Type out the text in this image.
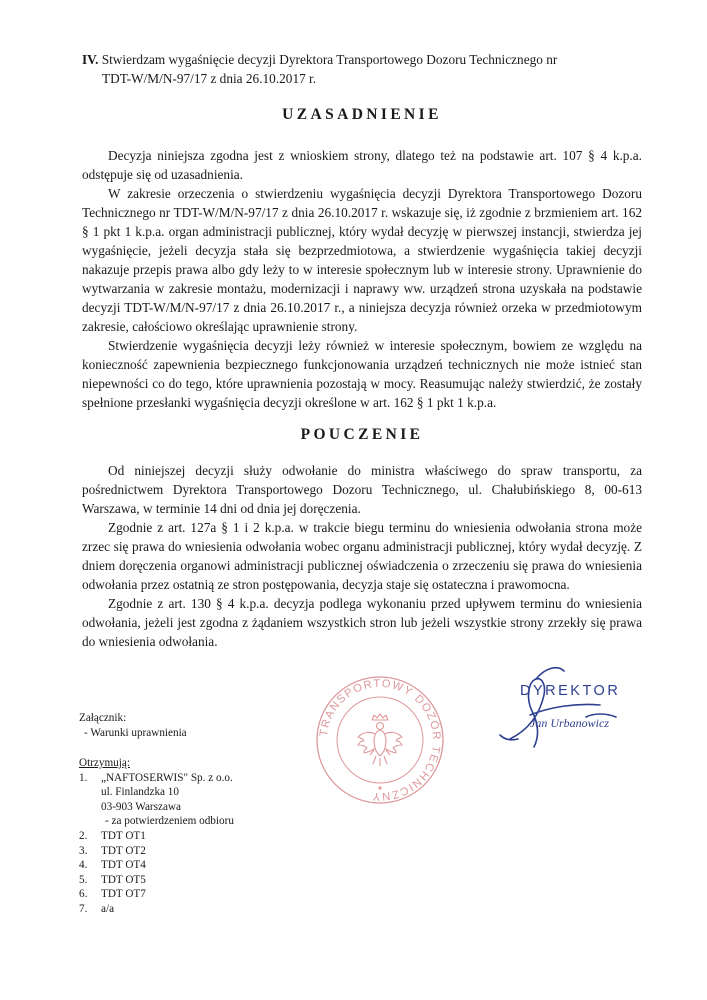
IV. Stwierdzam wygaśnięcie decyzji Dyrektora Transportowego Dozoru Technicznego nr
TDT-W/M/N-97/17 z dnia 26.10.2017 r.

UZASADNIENIE

Decyzja niniejsza zgodna jest z wnioskiem strony, dlatego też na podstawie art. 107 § 4 k.p.a. odstępuje się od uzasadnienia.

W zakresie orzeczenia o stwierdzeniu wygaśnięcia decyzji Dyrektora Transportowego Dozoru Technicznego nr TDT-W/M/N-97/17 z dnia 26.10.2017 r. wskazuje się, iż zgodnie z brzmieniem art. 162 § 1 pkt 1 k.p.a. organ administracji publicznej, który wydał decyzję w pierwszej instancji, stwierdza jej wygaśnięcie, jeżeli decyzja stała się bezprzedmiotowa, a stwierdzenie wygaśnięcia takiej decyzji nakazuje przepis prawa albo gdy leży to w interesie społecznym lub w interesie strony. Uprawnienie do wytwarzania w zakresie montażu, modernizacji i naprawy ww. urządzeń strona uzyskała na podstawie decyzji TDT-W/M/N-97/17 z dnia 26.10.2017 r., a niniejsza decyzja również orzeka w przedmiotowym zakresie, całościowo określając uprawnienie strony.

Stwierdzenie wygaśnięcia decyzji leży również w interesie społecznym, bowiem ze względu na konieczność zapewnienia bezpiecznego funkcjonowania urządzeń technicznych nie może istnieć stan niepewności co do tego, które uprawnienia pozostają w mocy. Reasumując należy stwierdzić, że zostały spełnione przesłanki wygaśnięcia decyzji określone w art. 162 § 1 pkt 1 k.p.a.

POUCZENIE

Od niniejszej decyzji służy odwołanie do ministra właściwego do spraw transportu, za pośrednictwem Dyrektora Transportowego Dozoru Technicznego, ul. Chałubińskiego 8, 00-613 Warszawa, w terminie 14 dni od dnia jej doręczenia.

Zgodnie z art. 127a § 1 i 2 k.p.a. w trakcie biegu terminu do wniesienia odwołania strona może zrzec się prawa do wniesienia odwołania wobec organu administracji publicznej, który wydał decyzję. Z dniem doręczenia organowi administracji publicznej oświadczenia o zrzeczeniu się prawa do wniesienia odwołania przez ostatnią ze stron postępowania, decyzja staje się ostateczna i prawomocna.

Zgodnie z art. 130 § 4 k.p.a. decyzja podlega wykonaniu przed upływem terminu do wniesienia odwołania, jeżeli jest zgodna z żądaniem wszystkich stron lub jeżeli wszystkie strony zrzekły się prawa do wniesienia odwołania.

Załącznik:
- Warunki uprawnienia
Otrzymują:
1. „NAFTOSERWIS" Sp. z o.o.
ul. Finlandzka 10
03-903 Warszawa
- za potwierdzeniem odbioru
2. TDT OT1
3. TDT OT2
4. TDT OT4
5. TDT OT5
6. TDT OT7
7. a/a
TRANSPORTOWY DOZÓR TECHNICZNY
DYREKTOR
Jan Urbanowicz
